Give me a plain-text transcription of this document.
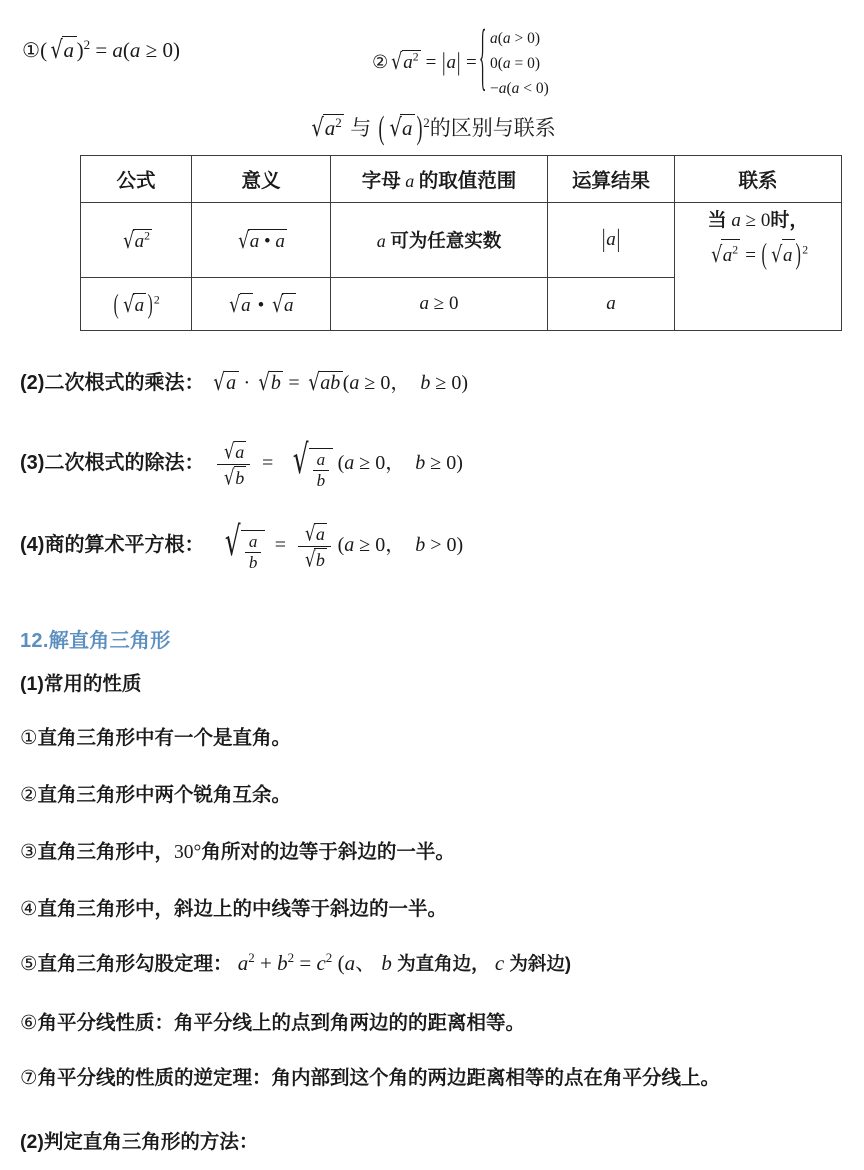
①( √a )$^2$ = a(a ≥ 0)
② $√a^2 = |a|$ = { a(a > 0)
0(a = 0)
−a(a < 0)
$√a^2$ 与 ( √a )$^2$的区别与联系
公式	意义	字母 a 的取值范围	运算结果	联系
$√a^2$	√a • a	a 可为任意实数	|a|	当 a ≥ 0时，
$√a^2$ = ( √a )$^2$

( √a )$^2$	√a • √a	a ≥ 0	a	
(2)二次根式的乘法： √a · √b = √ab (a ≥ 0，  b ≥ 0)
(3)二次根式的除法： $\frac{√a}{√b}$ =  √ $\frac{a}{b} (a \ge 0$，  b ≥ 0)
(4)商的算术平方根： √ $\frac{a}{b} = \frac{√a}{√b} (a \ge 0$，  b > 0)
12.解直角三角形
(1)常用的性质
①直角三角形中有一个是直角。
②直角三角形中两个锐角互余。
③直角三角形中，30°角所对的边等于斜边的一半。
④直角三角形中，斜边上的中线等于斜边的一半。
⑤直角三角形勾股定理： $a^2 + b^2 = c^2$ (a、 b 为直角边， c 为斜边)
⑥角平分线性质：角平分线上的点到角两边的的距离相等。
⑦角平分线的性质的逆定理：角内部到这个角的两边距离相等的点在角平分线上。
(2)判定直角三角形的方法：
